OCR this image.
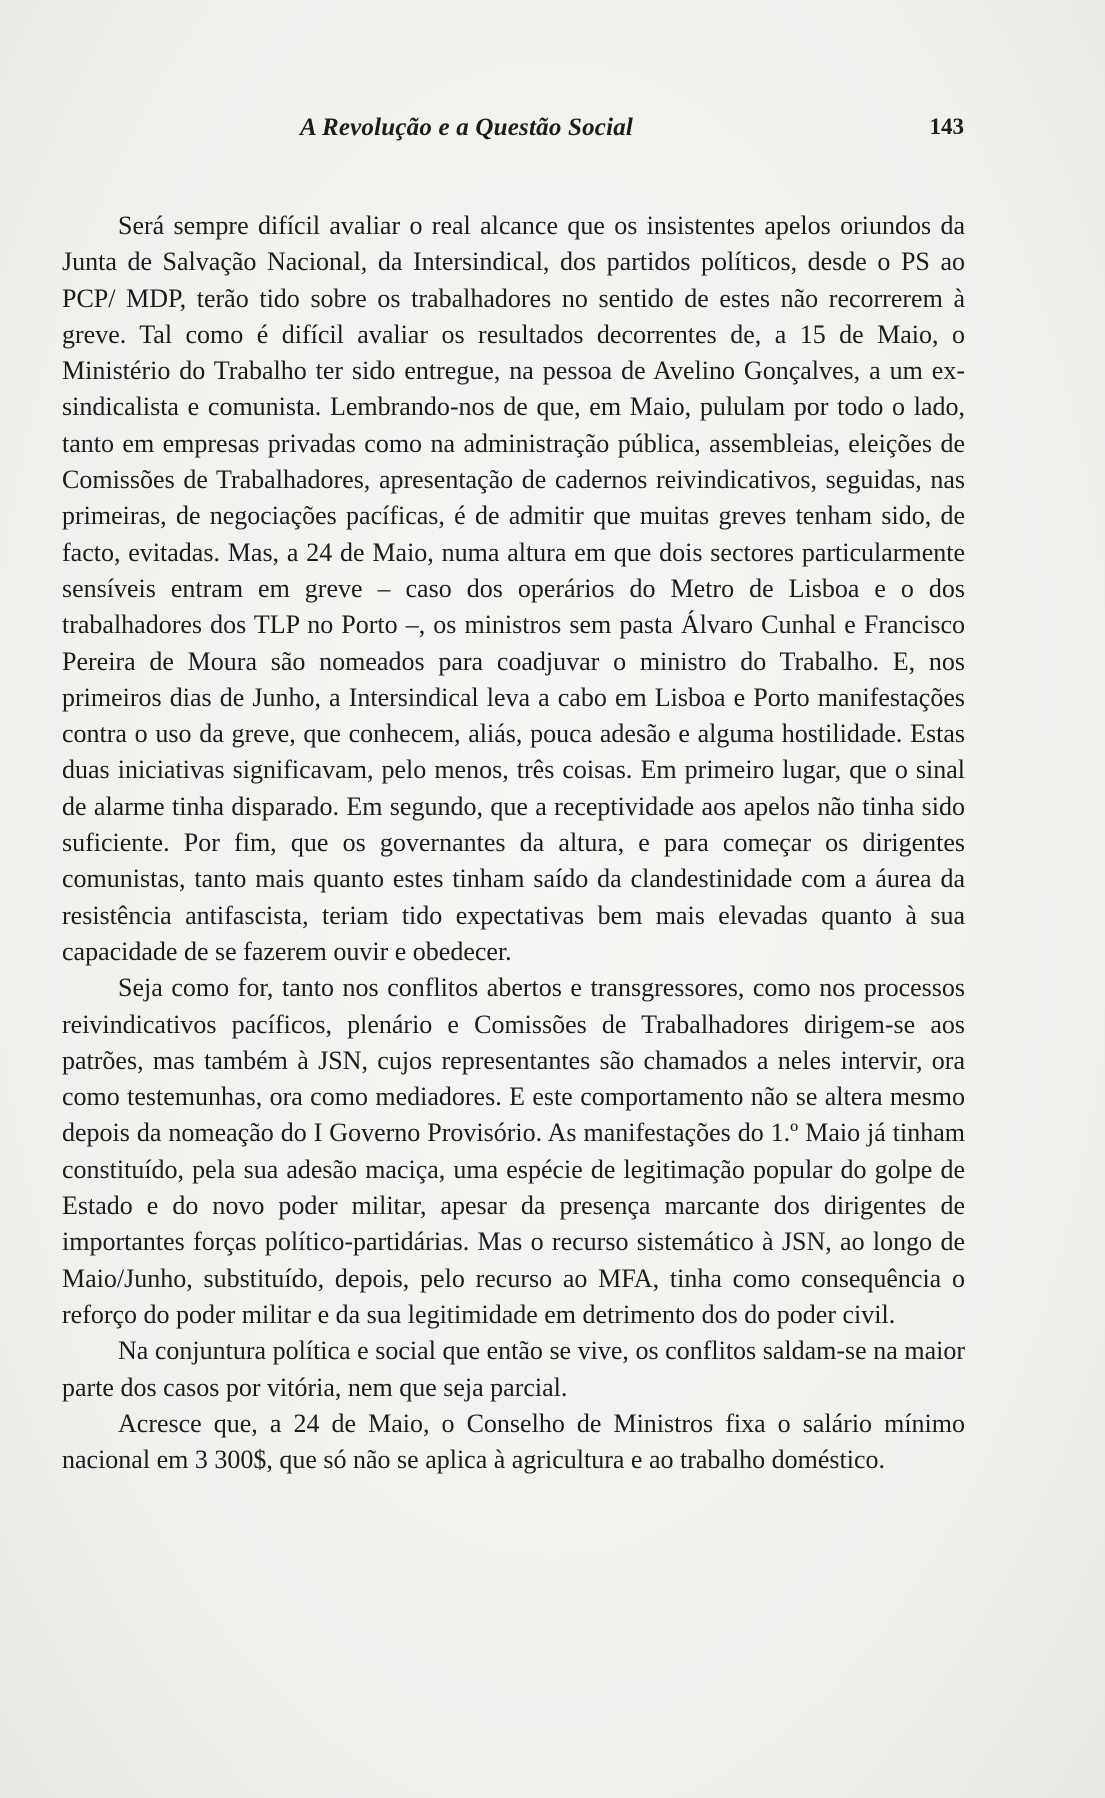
A Revolução e a Questão Social	143

Será sempre difícil avaliar o real alcance que os insistentes apelos oriundos da Junta de Salvação Nacional, da Intersindical, dos partidos políticos, desde o PS ao PCP/ MDP, terão tido sobre os trabalhadores no sentido de estes não recorrerem à greve. Tal como é difícil avaliar os resultados decorrentes de, a 15 de Maio, o Ministério do Trabalho ter sido entregue, na pessoa de Avelino Gonçalves, a um ex-sindicalista e comunista. Lembrando-nos de que, em Maio, pululam por todo o lado, tanto em empresas privadas como na administração pública, assembleias, eleições de Comissões de Trabalhadores, apresentação de cadernos reivindicativos, seguidas, nas primeiras, de negociações pacíficas, é de admitir que muitas greves tenham sido, de facto, evitadas. Mas, a 24 de Maio, numa altura em que dois sectores particularmente sensíveis entram em greve – caso dos operários do Metro de Lisboa e o dos trabalhadores dos TLP no Porto –, os ministros sem pasta Álvaro Cunhal e Francisco Pereira de Moura são nomeados para coadjuvar o ministro do Trabalho. E, nos primeiros dias de Junho, a Intersindical leva a cabo em Lisboa e Porto manifestações contra o uso da greve, que conhecem, aliás, pouca adesão e alguma hostilidade. Estas duas iniciativas significavam, pelo menos, três coisas. Em primeiro lugar, que o sinal de alarme tinha disparado. Em segundo, que a receptividade aos apelos não tinha sido suficiente. Por fim, que os governantes da altura, e para começar os dirigentes comunistas, tanto mais quanto estes tinham saído da clandestinidade com a áurea da resistência antifascista, teriam tido expectativas bem mais elevadas quanto à sua capacidade de se fazerem ouvir e obedecer.

Seja como for, tanto nos conflitos abertos e transgressores, como nos processos reivindicativos pacíficos, plenário e Comissões de Trabalhadores dirigem-se aos patrões, mas também à JSN, cujos representantes são chamados a neles intervir, ora como testemunhas, ora como mediadores. E este comportamento não se altera mesmo depois da nomeação do I Governo Provisório. As manifestações do 1.º Maio já tinham constituído, pela sua adesão maciça, uma espécie de legitimação popular do golpe de Estado e do novo poder militar, apesar da presença marcante dos dirigentes de importantes forças político-partidárias. Mas o recurso sistemático à JSN, ao longo de Maio/Junho, substituído, depois, pelo recurso ao MFA, tinha como consequência o reforço do poder militar e da sua legitimidade em detrimento dos do poder civil.

Na conjuntura política e social que então se vive, os conflitos saldam-se na maior parte dos casos por vitória, nem que seja parcial.

Acresce que, a 24 de Maio, o Conselho de Ministros fixa o salário mínimo nacional em 3 300$, que só não se aplica à agricultura e ao trabalho doméstico.
